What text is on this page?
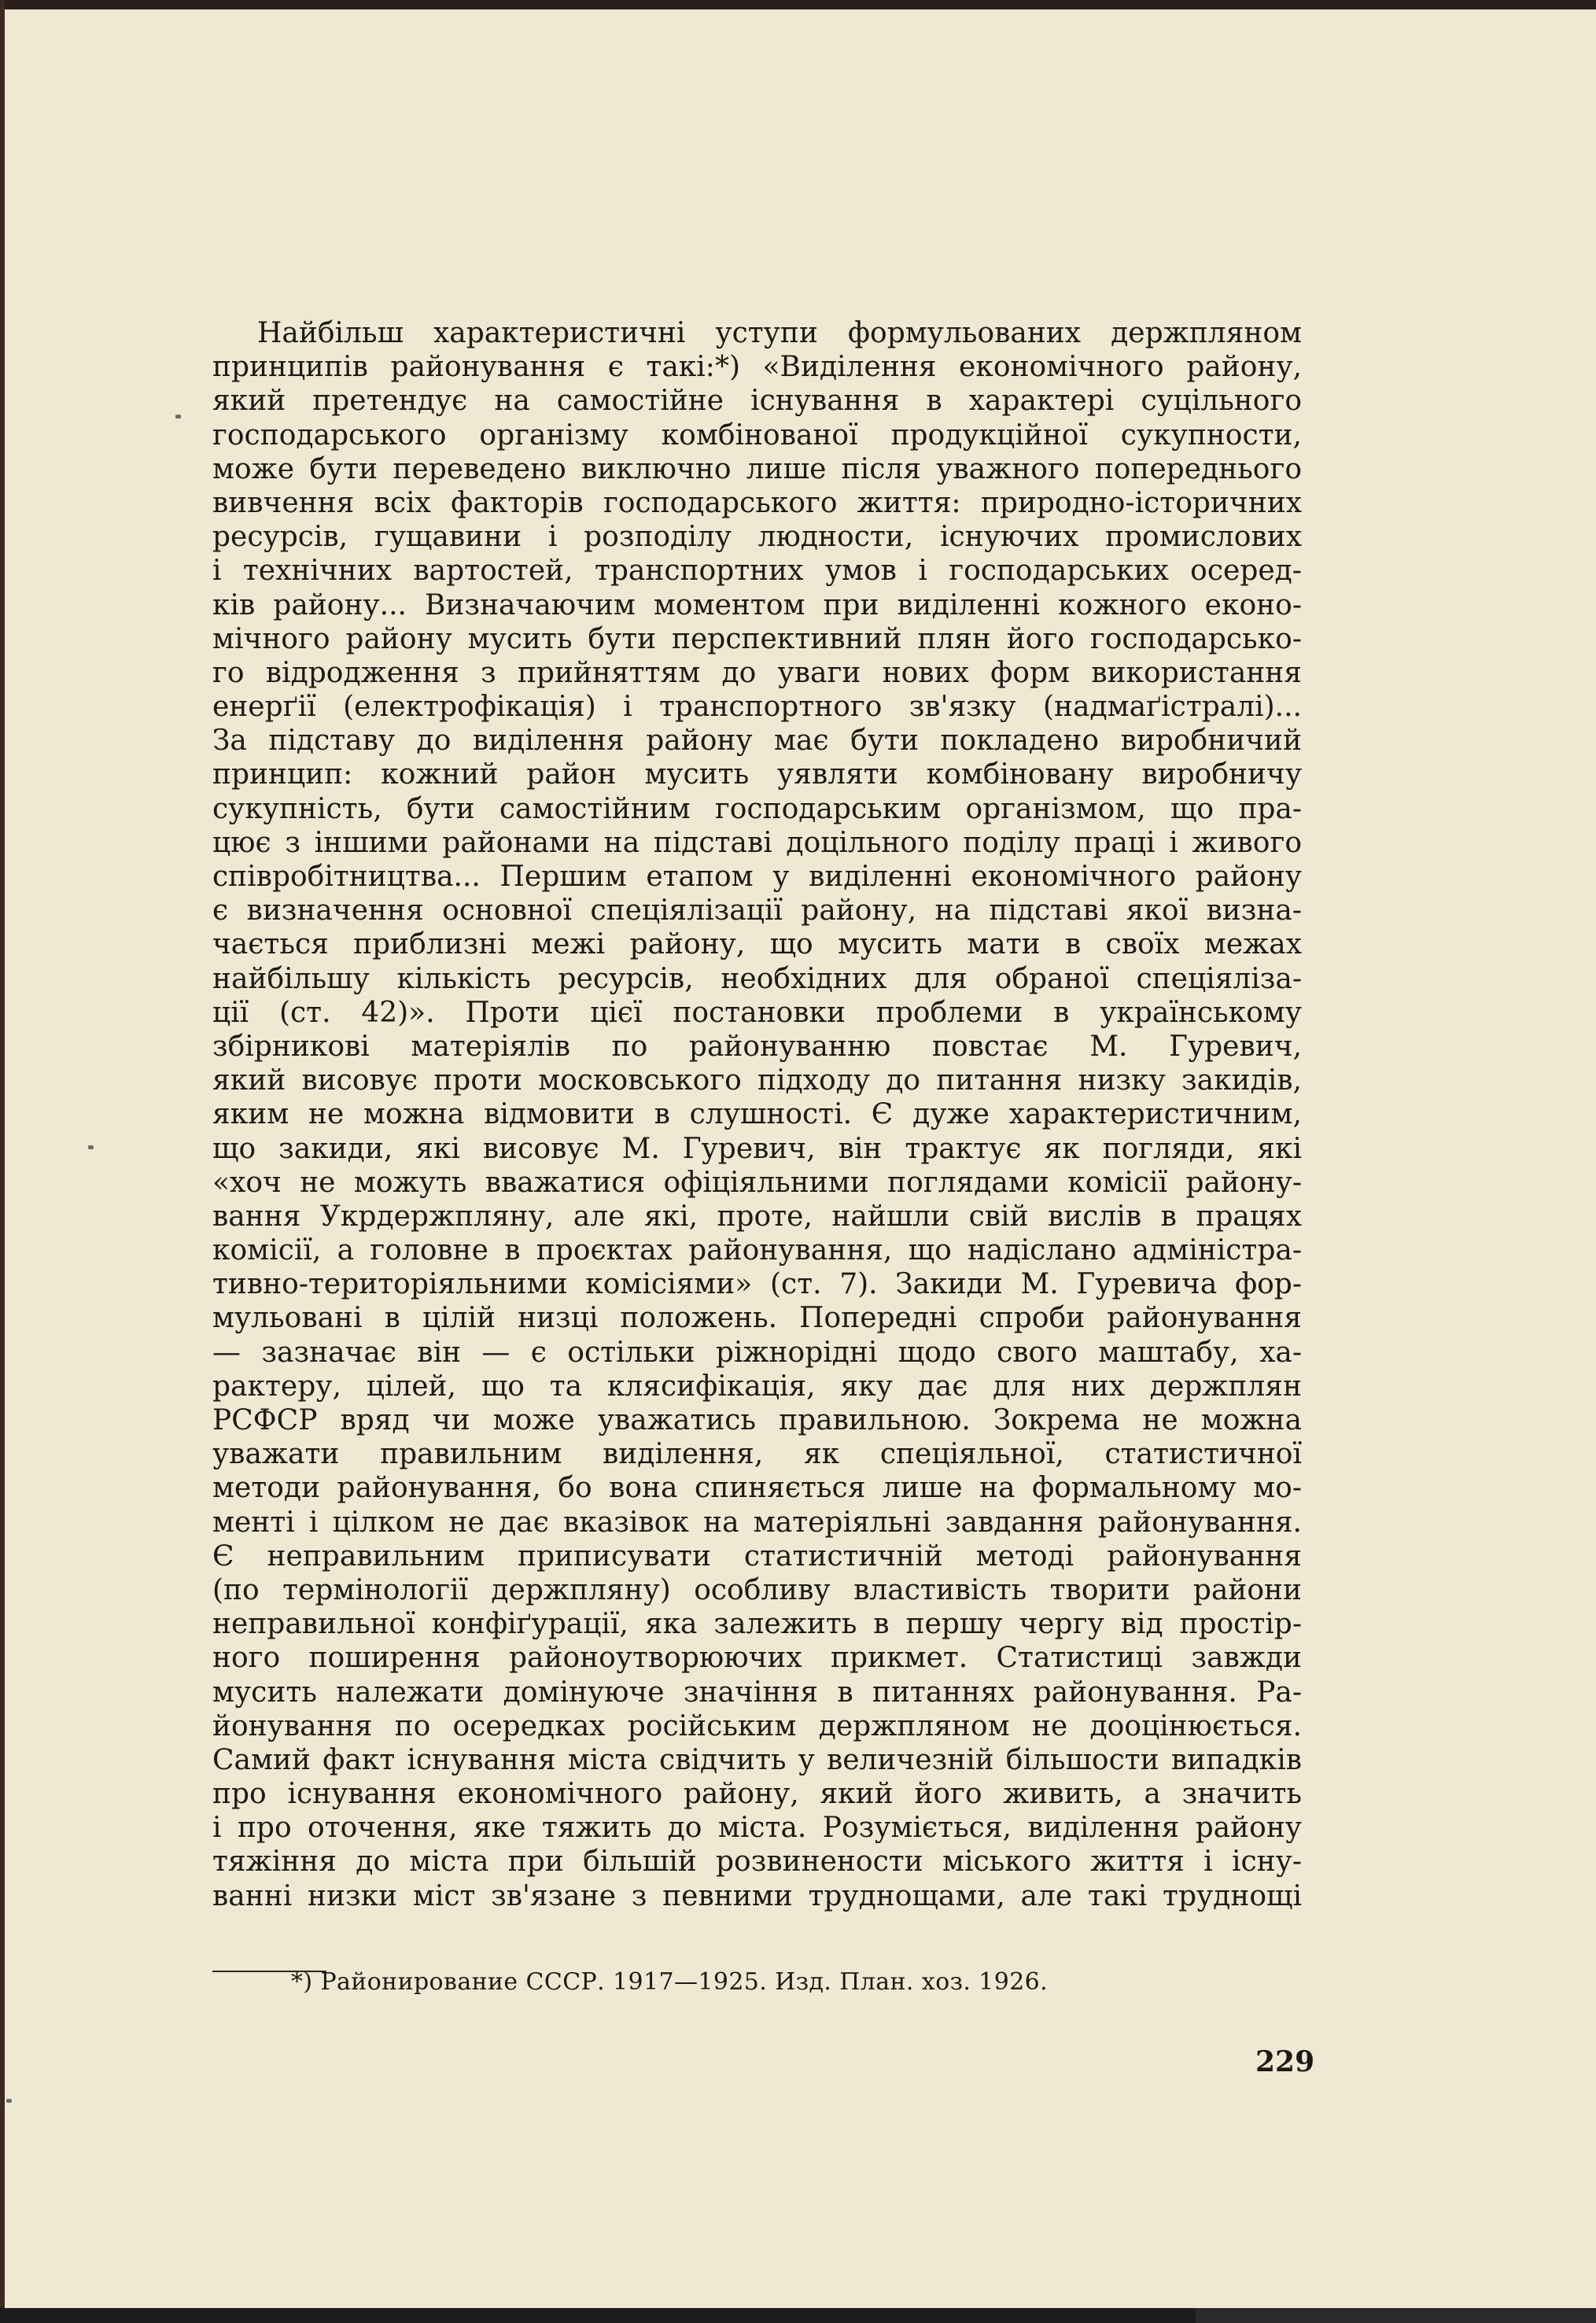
Найбільш характеристичні уступи формульованих держпляном
принципів районування є такі:*) «Виділення економічного району,
який претендує на самостійне існування в характері суцільного
господарського організму комбінованої продукційної сукупности,
може бути переведено виключно лише після уважного попереднього
вивчення всіх факторів господарського життя: природно-історичних
ресурсів, гущавини і розподілу людности, існуючих промислових
і технічних вартостей, транспортних умов і господарських осеред-
ків району... Визначаючим моментом при виділенні кожного еконо-
мічного району мусить бути перспективний плян його господарсько-
го відродження з прийняттям до уваги нових форм використання
енерґії (електрофікація) і транспортного зв'язку (надмаґістралі)...
За підставу до виділення району має бути покладено виробничий
принцип: кожний район мусить уявляти комбіновану виробничу
сукупність, бути самостійним господарським організмом, що пра-
цює з іншими районами на підставі доцільного поділу праці і живого
співробітництва... Першим етапом у виділенні економічного району
є визначення основної спеціялізації району, на підставі якої визна-
чається приблизні межі району, що мусить мати в своїх межах
найбільшу кількість ресурсів, необхідних для обраної спеціяліза-
ції (ст. 42)». Проти цієї постановки проблеми в українському
збірникові матеріялів по районуванню повстає М. Гуревич,
який висовує проти московського підходу до питання низку закидів,
яким не можна відмовити в слушності. Є дуже характеристичним,
що закиди, які висовує М. Гуревич, він трактує як погляди, які
«хоч не можуть вважатися офіціяльними поглядами комісії району-
вання Укрдержпляну, але які, проте, найшли свій вислів в працях
комісії, а головне в проєктах районування, що надіслано адміністра-
тивно-територіяльними комісіями» (ст. 7). Закиди М. Гуревича фор-
мульовані в цілій низці положень. Попередні спроби районування
— зазначає він — є остільки ріжнорідні щодо свого маштабу, ха-
рактеру, цілей, що та клясифікація, яку дає для них держплян
РСФСР вряд чи може уважатись правильною. Зокрема не можна
уважати правильним виділення, як спеціяльної, статистичної
методи районування, бо вона спиняється лише на формальному мо-
менті і цілком не дає вказівок на матеріяльні завдання районування.
Є неправильним приписувати статистичній методі районування
(по термінології держпляну) особливу властивість творити райони
неправильної конфіґурації, яка залежить в першу чергу від простір-
ного поширення районоутворюючих прикмет. Статистиці завжди
мусить належати домінуюче значіння в питаннях районування. Ра-
йонування по осередках російським держпляном не дооцінюється.
Самий факт існування міста свідчить у величезній більшости випадків
про існування економічного району, який його живить, а значить
і про оточення, яке тяжить до міста. Розуміється, виділення району
тяжіння до міста при більшій розвинености міського життя і існу-
ванні низки міст зв'язане з певними труднощами, але такі труднощі
*) Районирование СССР. 1917—1925. Изд. План. хоз. 1926.
229
